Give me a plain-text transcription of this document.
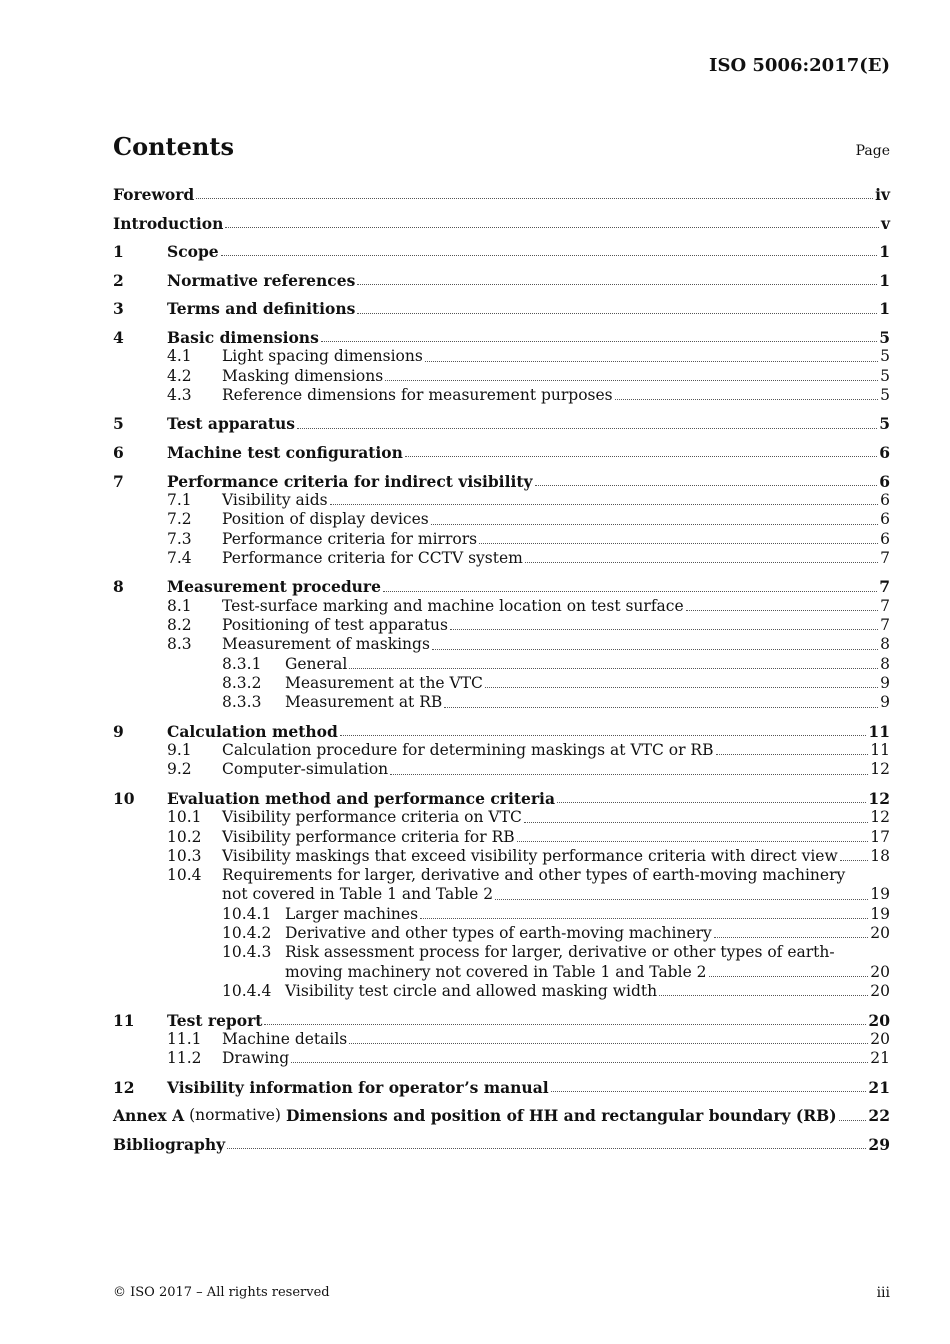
ISO 5006:2017(E)
Contents	Page
Foreword	iv
Introduction	v
1	Scope	1
2	Normative references	1
3	Terms and definitions	1
4	Basic dimensions	5
4.1	Light spacing dimensions	5
4.2	Masking dimensions	5
4.3	Reference dimensions for measurement purposes	5
5	Test apparatus	5
6	Machine test configuration	6
7	Performance criteria for indirect visibility	6
7.1	Visibility aids	6
7.2	Position of display devices	6
7.3	Performance criteria for mirrors	6
7.4	Performance criteria for CCTV system	7
8	Measurement procedure	7
8.1	Test-surface marking and machine location on test surface	7
8.2	Positioning of test apparatus	7
8.3	Measurement of maskings	8
8.3.1	General	8
8.3.2	Measurement at the VTC	9
8.3.3	Measurement at RB	9
9	Calculation method	11
9.1	Calculation procedure for determining maskings at VTC or RB	11
9.2	Computer-simulation	12
10	Evaluation method and performance criteria	12
10.1	Visibility performance criteria on VTC	12
10.2	Visibility performance criteria for RB	17
10.3	Visibility maskings that exceed visibility performance criteria with direct view 18
10.4	Requirements for larger, derivative and other types of earth-moving machinery
not covered in Table 1 and Table 2	19
10.4.1 Larger machines	19
10.4.2 Derivative and other types of earth-moving machinery	20
10.4.3 Risk assessment process for larger, derivative or other types of earth-
moving machinery not covered in Table 1 and Table 2	20
10.4.4 Visibility test circle and allowed masking width	20
11	Test report	20
11.1	Machine details	20
11.2	Drawing	21
12	Visibility information for operator’s manual	21
Annex A (normative) Dimensions and position of HH and rectangular boundary (RB) 22
Bibliography	29
© ISO 2017 – All rights reserved	iii
